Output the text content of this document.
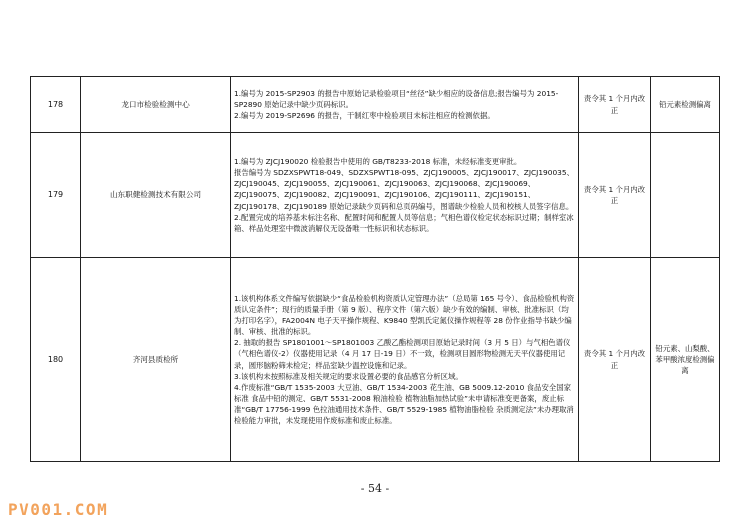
178	龙口市检验检测中心	1.编号为 2015-SP2903 的报告中原始记录检验项目“丝径”缺少相应的设备信息;报告编号为 2015-SP2890 原始记录中缺少页码标识。

2.编号为 2019-SP2696 的报告，干制红枣中检验项目未标注相应的检测依据。	责令其 1 个月内改正	铅元素检测偏离
179	山东职健检测技术有限公司	1.编号为 ZJCJ190020 检验报告中使用的 GB/T8233-2018 标准，未经标准变更审批。

报告编号为 SDZXSPWT18-049、SDZXSPWT18-095、ZJCJ190005、ZJCJ190017、ZJCJ190035、ZJCJ190045、ZJCJ190055、ZJCJ190061、ZJCJ190063、ZJCJ190068、ZJCJ190069、ZJCJ190075、ZJCJ190082、ZJCJ190091、ZJCJ190106、ZJCJ190111、ZJCJ190151、ZJCJ190178、ZJCJ190189 原始记录缺少页码和总页码编号，图谱缺少检验人员和校核人员签字信息。

2.配置完成的培养基未标注名称、配置时间和配置人员等信息；气相色谱仪检定状态标识过期；制样室冰箱、样品处理室中微波消解仪无设备唯一性标识和状态标识。	责令其 1 个月内改正	
180	齐河县质检所	1.该机构体系文件编写依据缺少“食品检验机构资质认定管理办法”（总局第 165 号令）、食品检验机构资质认定条件”；现行的质量手册（第 9 版）、程序文件（第六版）缺少有效的编制、审核、批准标识（均为打印名字），FA2004N 电子天平操作规程、K9840 型凯氏定氮仪操作规程等 28 份作业指导书缺少编制、审核、批准的标识。

2. 抽取的报告 SP1801001～SP1801003 乙酸乙酯检测项目原始记录时间（3 月 5 日）与气相色谱仪（气相色谱仪-2）仪器使用记录（4 月 17 日-19 日）不一致，检测项目圆形物检测无天平仪器使用记录，圆形脑粉筛未检定；样品室缺少温控设施和记录。

3.该机构未按照标准及相关规定的要求设置必要的食品感官分析区域。

4.作废标准“GB/T 1535-2003 大豆油、GB/T 1534-2003 花生油、GB 5009.12-2010 食品安全国家标准 食品中铅的测定、GB/T 5531-2008 粮油检验 植物油脂加热试验”未申请标准变更备案，废止标准“GB/T 17756-1999 色拉油通用技术条件、GB/T 5529-1985 植物油脂检验 杂质测定法”未办理取消检验能力审批，未发现使用作废标准和废止标准。	责令其 1 个月内改正	铅元素、山梨酸、苯甲酸浓度检测偏离
- 54 -
PV001.COM
